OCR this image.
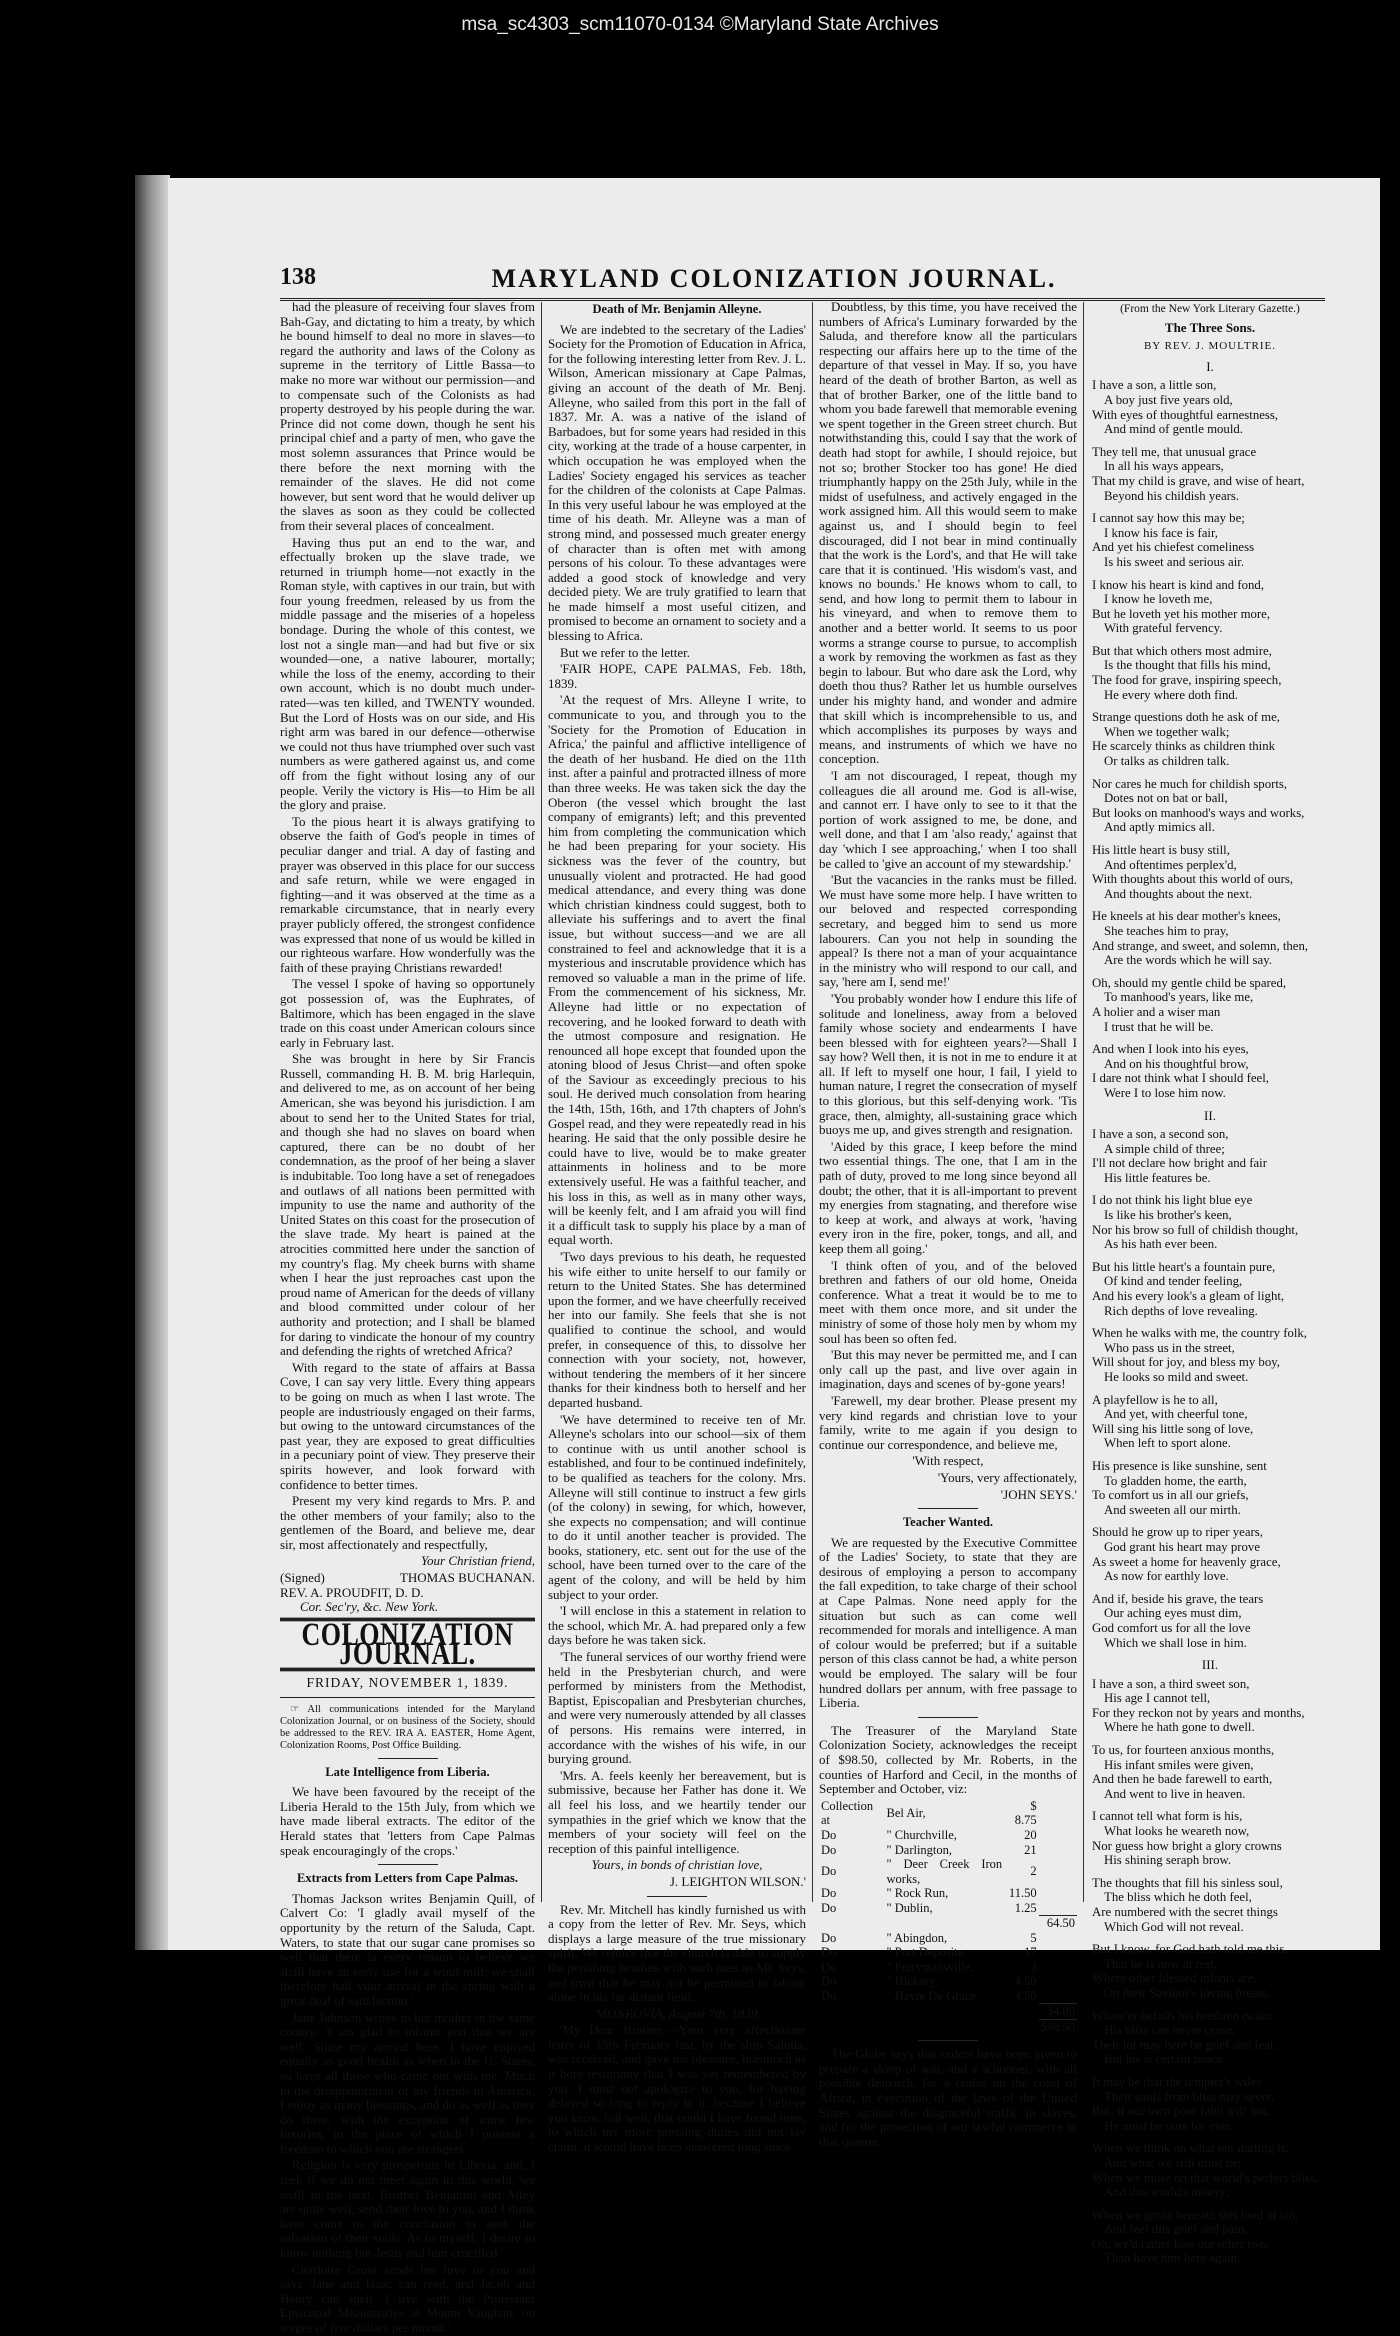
msa_sc4303_scm11070-0134 ©Maryland State Archives
138	MARYLAND COLONIZATION JOURNAL.

had the pleasure of receiving four slaves from Bah-Gay, and dictating to him a treaty, by which he bound himself to deal no more in slaves—to regard the authority and laws of the Colony as supreme in the territory of Little Bassa—to make no more war without our permission—and to compensate such of the Colonists as had property destroyed by his people during the war. Prince did not come down, though he sent his principal chief and a party of men, who gave the most solemn assurances that Prince would be there before the next morning with the remainder of the slaves. He did not come however, but sent word that he would deliver up the slaves as soon as they could be collected from their several places of concealment.

Having thus put an end to the war, and effectually broken up the slave trade, we returned in triumph home—not exactly in the Roman style, with captives in our train, but with four young freedmen, released by us from the middle passage and the miseries of a hopeless bondage. During the whole of this contest, we lost not a single man—and had but five or six wounded—one, a native labourer, mortally; while the loss of the enemy, according to their own account, which is no doubt much under-rated—was ten killed, and TWENTY wounded. But the Lord of Hosts was on our side, and His right arm was bared in our defence—otherwise we could not thus have triumphed over such vast numbers as were gathered against us, and come off from the fight without losing any of our people. Verily the victory is His—to Him be all the glory and praise.

To the pious heart it is always gratifying to observe the faith of God's people in times of peculiar danger and trial. A day of fasting and prayer was observed in this place for our success and safe return, while we were engaged in fighting—and it was observed at the time as a remarkable circumstance, that in nearly every prayer publicly offered, the strongest confidence was expressed that none of us would be killed in our righteous warfare. How wonderfully was the faith of these praying Christians rewarded!

The vessel I spoke of having so opportunely got possession of, was the Euphrates, of Baltimore, which has been engaged in the slave trade on this coast under American colours since early in February last.

She was brought in here by Sir Francis Russell, commanding H. B. M. brig Harlequin, and delivered to me, as on account of her being American, she was beyond his jurisdiction. I am about to send her to the United States for trial, and though she had no slaves on board when captured, there can be no doubt of her condemnation, as the proof of her being a slaver is indubitable. Too long have a set of renegadoes and outlaws of all nations been permitted with impunity to use the name and authority of the United States on this coast for the prosecution of the slave trade. My heart is pained at the atrocities committed here under the sanction of my country's flag. My cheek burns with shame when I hear the just reproaches cast upon the proud name of American for the deeds of villany and blood committed under colour of her authority and protection; and I shall be blamed for daring to vindicate the honour of my country and defending the rights of wretched Africa?

With regard to the state of affairs at Bassa Cove, I can say very little. Every thing appears to be going on much as when I last wrote. The people are industriously engaged on their farms, but owing to the untoward circumstances of the past year, they are exposed to great difficulties in a pecuniary point of view. They preserve their spirits however, and look forward with confidence to better times.

Present my very kind regards to Mrs. P. and the other members of your family; also to the gentlemen of the Board, and believe me, dear sir, most affectionately and respectfully,

Your Christian friend,
(Signed)	THOMAS BUCHANAN.
REV. A. PROUDFIT, D. D.
Cor. Sec'ry, &c. New York.
COLONIZATION JOURNAL.
FRIDAY, NOVEMBER 1, 1839.
☞ All communications intended for the Maryland Colonization Journal, or on business of the Society, should be addressed to the REV. IRA A. EASTER, Home Agent, Colonization Rooms, Post Office Building.
Late Intelligence from Liberia.

We have been favoured by the receipt of the Liberia Herald to the 15th July, from which we have made liberal extracts. The editor of the Herald states that 'letters from Cape Palmas speak encouragingly of the crops.'

Extracts from Letters from Cape Palmas.

Thomas Jackson writes Benjamin Quill, of Calvert Co: 'I gladly avail myself of the opportunity by the return of the Saluda, Capt. Waters, to state that our sugar cane promises so well that there is every reason to believe we shall have an early use for a wind-mill; we shall therefore hail your arrival in the spring with a great deal of satisfaction.'

Jane Johnson writes to her mother in the same county: 'I am glad to inform you that we are well. Since my arrival here, I have enjoyed equally as good health as when in the U. States, so have all those who came out with me. Much to the disappointment of my friends in America, I enjoy as many blessings, and do as well as they do there, with the exception of some few luxuries, in the place of which I possess a freedom to which you are strangers.

Religion is very prosperous in Liberia, and, I feel, if we do not meet again in this world, we shall in the next. Brother Benjamin and Alley are quite well; send their love to you, and I think have come to the conclusion to seek the salvation of their souls. As to myself, I desire to know nothing but Jesus and him crucified.'

Charlotte Gross sends her love to you and says 'Jane and Isaac can read, and Jacob and Henry can spell. I live with the Protestant Episcopal Missionaries at Mount Vaughan, on wages of five dollars per month.'

Death of Mr. Benjamin Alleyne.

We are indebted to the secretary of the Ladies' Society for the Promotion of Education in Africa, for the following interesting letter from Rev. J. L. Wilson, American missionary at Cape Palmas, giving an account of the death of Mr. Benj. Alleyne, who sailed from this port in the fall of 1837. Mr. A. was a native of the island of Barbadoes, but for some years had resided in this city, working at the trade of a house carpenter, in which occupation he was employed when the Ladies' Society engaged his services as teacher for the children of the colonists at Cape Palmas. In this very useful labour he was employed at the time of his death. Mr. Alleyne was a man of strong mind, and possessed much greater energy of character than is often met with among persons of his colour. To these advantages were added a good stock of knowledge and very decided piety. We are truly gratified to learn that he made himself a most useful citizen, and promised to become an ornament to society and a blessing to Africa.

But we refer to the letter.

'FAIR HOPE, CAPE PALMAS, Feb. 18th, 1839.

'At the request of Mrs. Alleyne I write, to communicate to you, and through you to the 'Society for the Promotion of Education in Africa,' the painful and afflictive intelligence of the death of her husband. He died on the 11th inst. after a painful and protracted illness of more than three weeks. He was taken sick the day the Oberon (the vessel which brought the last company of emigrants) left; and this prevented him from completing the communication which he had been preparing for your society. His sickness was the fever of the country, but unusually violent and protracted. He had good medical attendance, and every thing was done which christian kindness could suggest, both to alleviate his sufferings and to avert the final issue, but without success—and we are all constrained to feel and acknowledge that it is a mysterious and inscrutable providence which has removed so valuable a man in the prime of life. From the commencement of his sickness, Mr. Alleyne had little or no expectation of recovering, and he looked forward to death with the utmost composure and resignation. He renounced all hope except that founded upon the atoning blood of Jesus Christ—and often spoke of the Saviour as exceedingly precious to his soul. He derived much consolation from hearing the 14th, 15th, 16th, and 17th chapters of John's Gospel read, and they were repeatedly read in his hearing. He said that the only possible desire he could have to live, would be to make greater attainments in holiness and to be more extensively useful. He was a faithful teacher, and his loss in this, as well as in many other ways, will be keenly felt, and I am afraid you will find it a difficult task to supply his place by a man of equal worth.

'Two days previous to his death, he requested his wife either to unite herself to our family or return to the United States. She has determined upon the former, and we have cheerfully received her into our family. She feels that she is not qualified to continue the school, and would prefer, in consequence of this, to dissolve her connection with your society, not, however, without tendering the members of it her sincere thanks for their kindness both to herself and her departed husband.

'We have determined to receive ten of Mr. Alleyne's scholars into our school—six of them to continue with us until another school is established, and four to be continued indefinitely, to be qualified as teachers for the colony. Mrs. Alleyne will still continue to instruct a few girls (of the colony) in sewing, for which, however, she expects no compensation; and will continue to do it until another teacher is provided. The books, stationery, etc. sent out for the use of the school, have been turned over to the care of the agent of the colony, and will be held by him subject to your order.

'I will enclose in this a statement in relation to the school, which Mr. A. had prepared only a few days before he was taken sick.

'The funeral services of our worthy friend were held in the Presbyterian church, and were performed by ministers from the Methodist, Baptist, Episcopalian and Presbyterian churches, and were very numerously attended by all classes of persons. His remains were interred, in accordance with the wishes of his wife, in our burying ground.

'Mrs. A. feels keenly her bereavement, but is submissive, because her Father has done it. We all feel his loss, and we heartily tender our sympathies in the grief which we know that the members of your society will feel on the reception of this painful intelligence.

Yours, in bonds of christian love,
J. LEIGHTON WILSON.'

Rev. Mr. Mitchell has kindly furnished us with a copy from the letter of Rev. Mr. Seys, which displays a large measure of the true missionary spirit. We rejoice that the church is able to supply the perishing heathen with such men as Mr. Seys, and trust that he may not be permitted to labour alone in his far distant field.

'MONROVIA, August 7th, 1839.

'My Dear Brother,—Your very affectionate letter of 15th February last, by the ship Saluda, was received, and gave me pleasure, inasmuch as it bore testimony that I was yet remembered by you. I must not apologize to you, for having delayed so long to reply to it, because I believe you know full well, that could I have found time, to which my more pressing duties did not lay claim, it would have been answered long since.

Doubtless, by this time, you have received the numbers of Africa's Luminary forwarded by the Saluda, and therefore know all the particulars respecting our affairs here up to the time of the departure of that vessel in May. If so, you have heard of the death of brother Barton, as well as that of brother Barker, one of the little band to whom you bade farewell that memorable evening we spent together in the Green street church. But notwithstanding this, could I say that the work of death had stopt for awhile, I should rejoice, but not so; brother Stocker too has gone! He died triumphantly happy on the 25th July, while in the midst of usefulness, and actively engaged in the work assigned him. All this would seem to make against us, and I should begin to feel discouraged, did I not bear in mind continually that the work is the Lord's, and that He will take care that it is continued. 'His wisdom's vast, and knows no bounds.' He knows whom to call, to send, and how long to permit them to labour in his vineyard, and when to remove them to another and a better world. It seems to us poor worms a strange course to pursue, to accomplish a work by removing the workmen as fast as they begin to labour. But who dare ask the Lord, why doeth thou thus? Rather let us humble ourselves under his mighty hand, and wonder and admire that skill which is incomprehensible to us, and which accomplishes its purposes by ways and means, and instruments of which we have no conception.

'I am not discouraged, I repeat, though my colleagues die all around me. God is all-wise, and cannot err. I have only to see to it that the portion of work assigned to me, be done, and well done, and that I am 'also ready,' against that day 'which I see approaching,' when I too shall be called to 'give an account of my stewardship.'

'But the vacancies in the ranks must be filled. We must have some more help. I have written to our beloved and respected corresponding secretary, and begged him to send us more labourers. Can you not help in sounding the appeal? Is there not a man of your acquaintance in the ministry who will respond to our call, and say, 'here am I, send me!'

'You probably wonder how I endure this life of solitude and loneliness, away from a beloved family whose society and endearments I have been blessed with for eighteen years?—Shall I say how? Well then, it is not in me to endure it at all. If left to myself one hour, I fail, I yield to human nature, I regret the consecration of myself to this glorious, but this self-denying work. 'Tis grace, then, almighty, all-sustaining grace which buoys me up, and gives strength and resignation.

'Aided by this grace, I keep before the mind two essential things. The one, that I am in the path of duty, proved to me long since beyond all doubt; the other, that it is all-important to prevent my energies from stagnating, and therefore wise to keep at work, and always at work, 'having every iron in the fire, poker, tongs, and all, and keep them all going.'

'I think often of you, and of the beloved brethren and fathers of our old home, Oneida conference. What a treat it would be to me to meet with them once more, and sit under the ministry of some of those holy men by whom my soul has been so often fed.

'But this may never be permitted me, and I can only call up the past, and live over again in imagination, days and scenes of by-gone years!

'Farewell, my dear brother. Please present my very kind regards and christian love to your family, write to me again if you design to continue our correspondence, and believe me,

'With respect,
'Yours, very affectionately,
'JOHN SEYS.'
Teacher Wanted.

We are requested by the Executive Committee of the Ladies' Society, to state that they are desirous of employing a person to accompany the fall expedition, to take charge of their school at Cape Palmas. None need apply for the situation but such as can come well recommended for morals and intelligence. A man of colour would be preferred; but if a suitable person of this class cannot be had, a white person would be employed. The salary will be four hundred dollars per annum, with free passage to Liberia.

The Treasurer of the Maryland State Colonization Society, acknowledges the receipt of $98.50, collected by Mr. Roberts, in the counties of Harford and Cecil, in the months of September and October, viz:

Collection at	Bel Air,	$ 8.75	
Do	" Churchville,	20	
Do	" Darlington,	21	
Do	" Deer Creek Iron works,	2	
Do	" Rock Run,	11.50	
Do	" Dublin,	1.25	
			64.50
Do	" Abingdon,	5	
Do	" Port Deposite,	17	
Do	" Perrymansville,	3	
Do	" Hickory,	4.50	
Do	" Havre De Grace,	4.50	
			34.00
			$98.50

The Globe says that orders have been given to prepare a sloop of war, and a schooner, with all possible despatch, for a cruise on the coast of Africa, in execution of the laws of the United States against the disgraceful traffic in slaves, and for the protection of our lawful commerce in that quarter.

(From the New York Literary Gazette.)
The Three Sons.
BY REV. J. MOULTRIE.
I.
I have a son, a little son,
A boy just five years old,
With eyes of thoughtful earnestness,
And mind of gentle mould.
They tell me, that unusual grace
In all his ways appears,
That my child is grave, and wise of heart,
Beyond his childish years.
I cannot say how this may be;
I know his face is fair,
And yet his chiefest comeliness
Is his sweet and serious air.
I know his heart is kind and fond,
I know he loveth me,
But he loveth yet his mother more,
With grateful fervency.
But that which others most admire,
Is the thought that fills his mind,
The food for grave, inspiring speech,
He every where doth find.
Strange questions doth he ask of me,
When we together walk;
He scarcely thinks as children think
Or talks as children talk.
Nor cares he much for childish sports,
Dotes not on bat or ball,
But looks on manhood's ways and works,
And aptly mimics all.
His little heart is busy still,
And oftentimes perplex'd,
With thoughts about this world of ours,
And thoughts about the next.
He kneels at his dear mother's knees,
She teaches him to pray,
And strange, and sweet, and solemn, then,
Are the words which he will say.
Oh, should my gentle child be spared,
To manhood's years, like me,
A holier and a wiser man
I trust that he will be.
And when I look into his eyes,
And on his thoughtful brow,
I dare not think what I should feel,
Were I to lose him now.
II.
I have a son, a second son,
A simple child of three;
I'll not declare how bright and fair
His little features be.
I do not think his light blue eye
Is like his brother's keen,
Nor his brow so full of childish thought,
As his hath ever been.
But his little heart's a fountain pure,
Of kind and tender feeling,
And his every look's a gleam of light,
Rich depths of love revealing.
When he walks with me, the country folk,
Who pass us in the street,
Will shout for joy, and bless my boy,
He looks so mild and sweet.
A playfellow is he to all,
And yet, with cheerful tone,
Will sing his little song of love,
When left to sport alone.
His presence is like sunshine, sent
To gladden home, the earth,
To comfort us in all our griefs,
And sweeten all our mirth.
Should he grow up to riper years,
God grant his heart may prove
As sweet a home for heavenly grace,
As now for earthly love.
And if, beside his grave, the tears
Our aching eyes must dim,
God comfort us for all the love
Which we shall lose in him.
III.
I have a son, a third sweet son,
His age I cannot tell,
For they reckon not by years and months,
Where he hath gone to dwell.
To us, for fourteen anxious months,
His infant smiles were given,
And then he bade farewell to earth,
And went to live in heaven.
I cannot tell what form is his,
What looks he weareth now,
Nor guess how bright a glory crowns
His shining seraph brow.
The thoughts that fill his sinless soul,
The bliss which he doth feel,
Are numbered with the secret things
Which God will not reveal.
But I know, for God hath told me this,
That he is now at rest,
Where other blessed infants are,
On their Saviour's loving breast.
Whate'er befalls his brethren twain,
His bliss can never cease;
Their lot may here be grief and fear,
But his is certain peace.
It may be that the tempter's wiles
Their souls from bliss may sever,
But, if our own poor faith will not,
He must be ours for ever.
When we think on what our darling is,
And what we still must be;
When we muse on that world's perfect bliss,
And this world's misery;
When we groan beneath this load of sin,
And feel this grief and pain,
Oh, we'd rather lose our other two,
Than have him here again.
